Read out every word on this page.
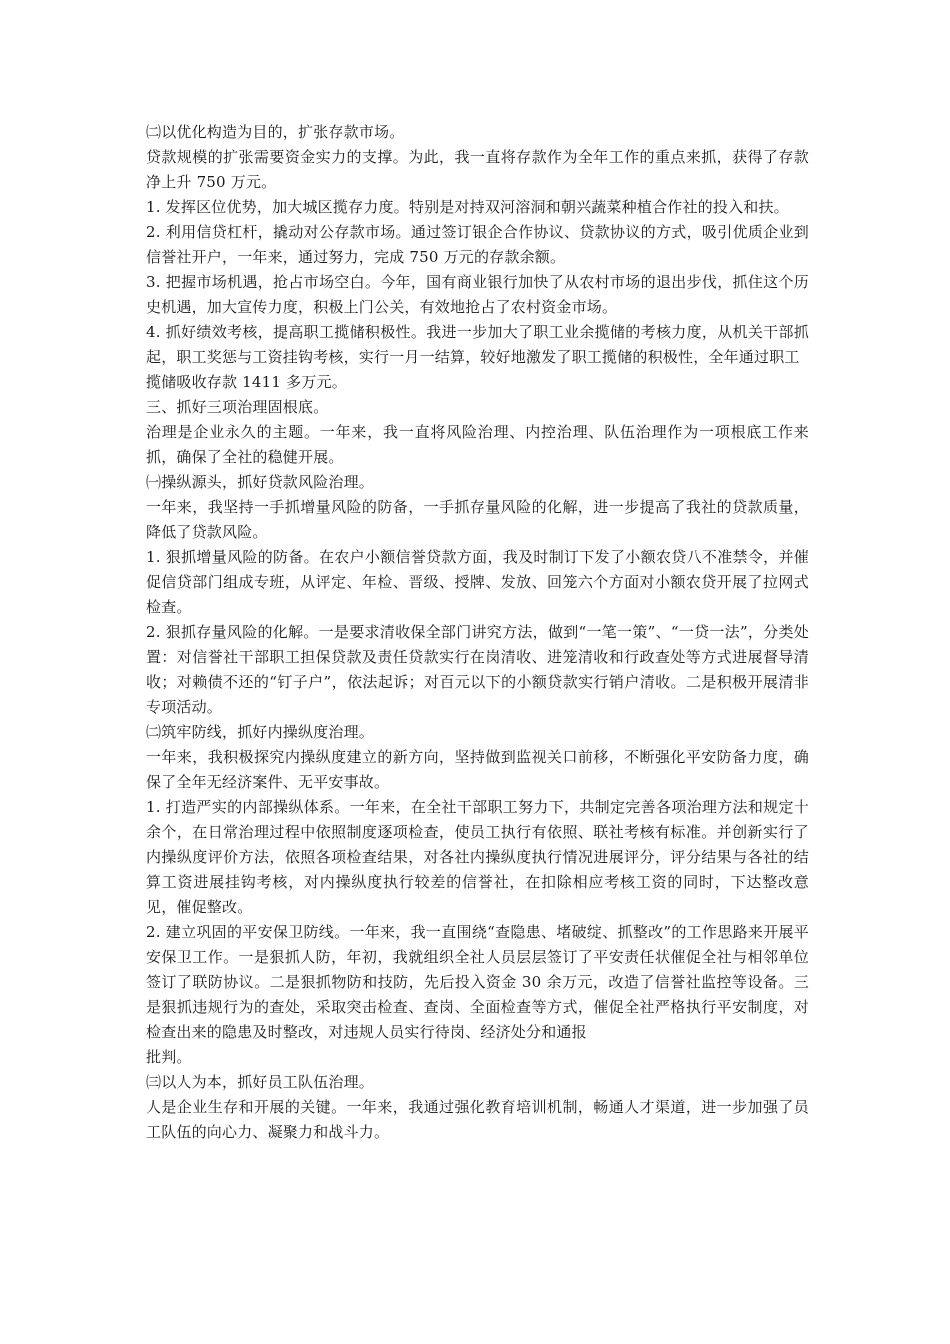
㈡以优化构造为目的，扩张存款市场。

贷款规模的扩张需要资金实力的支撑。为此，我一直将存款作为全年工作的重点来抓，获得了存款净上升 750 万元。

1. 发挥区位优势，加大城区揽存力度。特别是对持双河溶洞和朝兴蔬菜种植合作社的投入和扶。

2. 利用信贷杠杆，撬动对公存款市场。通过签订银企合作协议、贷款协议的方式，吸引优质企业到信誉社开户，一年来，通过努力，完成 750 万元的存款余额。

3. 把握市场机遇，抢占市场空白。今年，国有商业银行加快了从农村市场的退出步伐，抓住这个历史机遇，加大宣传力度，积极上门公关，有效地抢占了农村资金市场。

4. 抓好绩效考核，提高职工揽储积极性。我进一步加大了职工业余揽储的考核力度，从机关干部抓起，职工奖惩与工资挂钩考核，实行一月一结算，较好地激发了职工揽储的积极性，全年通过职工

揽储吸收存款 1411 多万元。

三、抓好三项治理固根底。

治理是企业永久的主题。一年来，我一直将风险治理、内控治理、队伍治理作为一项根底工作来抓，确保了全社的稳健开展。

㈠操纵源头，抓好贷款风险治理。

一年来，我坚持一手抓增量风险的防备，一手抓存量风险的化解，进一步提高了我社的贷款质量，降低了贷款风险。

1. 狠抓增量风险的防备。在农户小额信誉贷款方面，我及时制订下发了小额农贷八不准禁令，并催促信贷部门组成专班，从评定、年检、晋级、授牌、发放、回笼六个方面对小额农贷开展了拉网式检查。

2. 狠抓存量风险的化解。一是要求清收保全部门讲究方法，做到“一笔一策”、“一贷一法”，分类处置：对信誉社干部职工担保贷款及责任贷款实行在岗清收、进笼清收和行政查处等方式进展督导清收；对赖债不还的“钉子户”，依法起诉；对百元以下的小额贷款实行销户清收。二是积极开展清非专项活动。

㈡筑牢防线，抓好内操纵度治理。

一年来，我积极探究内操纵度建立的新方向，坚持做到监视关口前移，不断强化平安防备力度，确保了全年无经济案件、无平安事故。

1. 打造严实的内部操纵体系。一年来，在全社干部职工努力下，共制定完善各项治理方法和规定十余个，在日常治理过程中依照制度逐项检查，使员工执行有依照、联社考核有标准。并创新实行了内操纵度评价方法，依照各项检查结果，对各社内操纵度执行情况进展评分，评分结果与各社的结算工资进展挂钩考核，对内操纵度执行较差的信誉社，在扣除相应考核工资的同时，下达整改意见，催促整改。

2. 建立巩固的平安保卫防线。一年来，我一直围绕“查隐患、堵破绽、抓整改”的工作思路来开展平安保卫工作。一是狠抓人防，年初，我就组织全社人员层层签订了平安责任状催促全社与相邻单位签订了联防协议。二是狠抓物防和技防，先后投入资金 30 余万元，改造了信誉社监控等设备。三是狠抓违规行为的查处，采取突击检查、查岗、全面检查等方式，催促全社严格执行平安制度，对检查出来的隐患及时整改，对违规人员实行待岗、经济处分和通报

批判。

㈢以人为本，抓好员工队伍治理。

人是企业生存和开展的关键。一年来，我通过强化教育培训机制，畅通人才渠道，进一步加强了员工队伍的向心力、凝聚力和战斗力。
